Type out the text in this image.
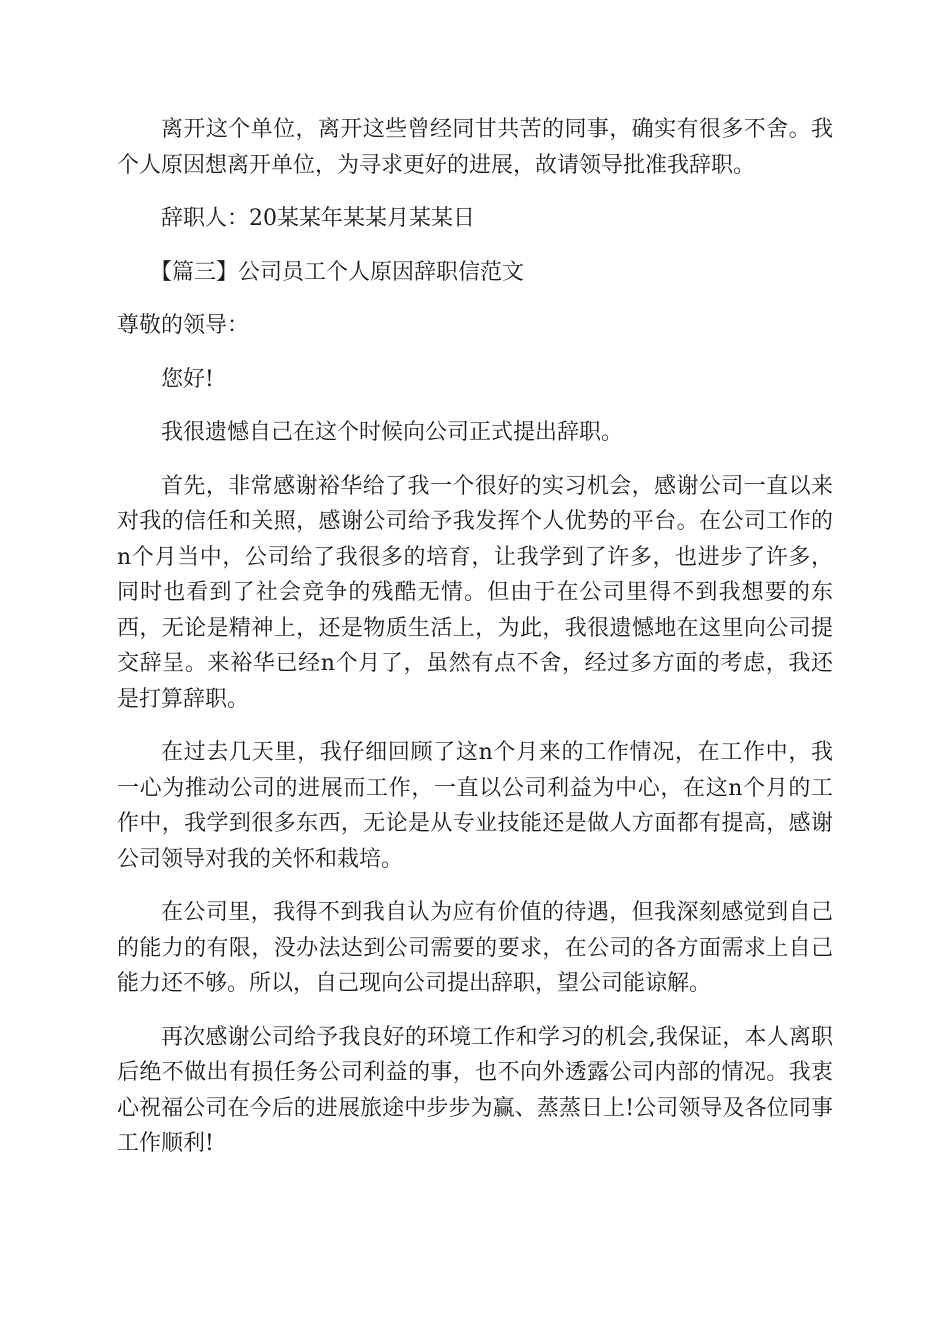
离开这个单位，离开这些曾经同甘共苦的同事，确实有很多不舍。我个人原因想离开单位，为寻求更好的进展，故请领导批准我辞职。

辞职人：20某某年某某月某某日

【篇三】公司员工个人原因辞职信范文

尊敬的领导：

您好!

我很遗憾自己在这个时候向公司正式提出辞职。

首先，非常感谢裕华给了我一个很好的实习机会，感谢公司一直以来对我的信任和关照，感谢公司给予我发挥个人优势的平台。在公司工作的n个月当中，公司给了我很多的培育，让我学到了许多，也进步了许多，同时也看到了社会竞争的残酷无情。但由于在公司里得不到我想要的东西，无论是精神上，还是物质生活上，为此，我很遗憾地在这里向公司提交辞呈。来裕华已经n个月了，虽然有点不舍，经过多方面的考虑，我还是打算辞职。

在过去几天里，我仔细回顾了这n个月来的工作情况，在工作中，我一心为推动公司的进展而工作，一直以公司利益为中心，在这n个月的工作中，我学到很多东西，无论是从专业技能还是做人方面都有提高，感谢公司领导对我的关怀和栽培。

在公司里，我得不到我自认为应有价值的待遇，但我深刻感觉到自己的能力的有限，没办法达到公司需要的要求，在公司的各方面需求上自己能力还不够。所以，自己现向公司提出辞职，望公司能谅解。

再次感谢公司给予我良好的环境工作和学习的机会,我保证，本人离职后绝不做出有损任务公司利益的事，也不向外透露公司内部的情况。我衷心祝福公司在今后的进展旅途中步步为赢、蒸蒸日上!公司领导及各位同事工作顺利!
